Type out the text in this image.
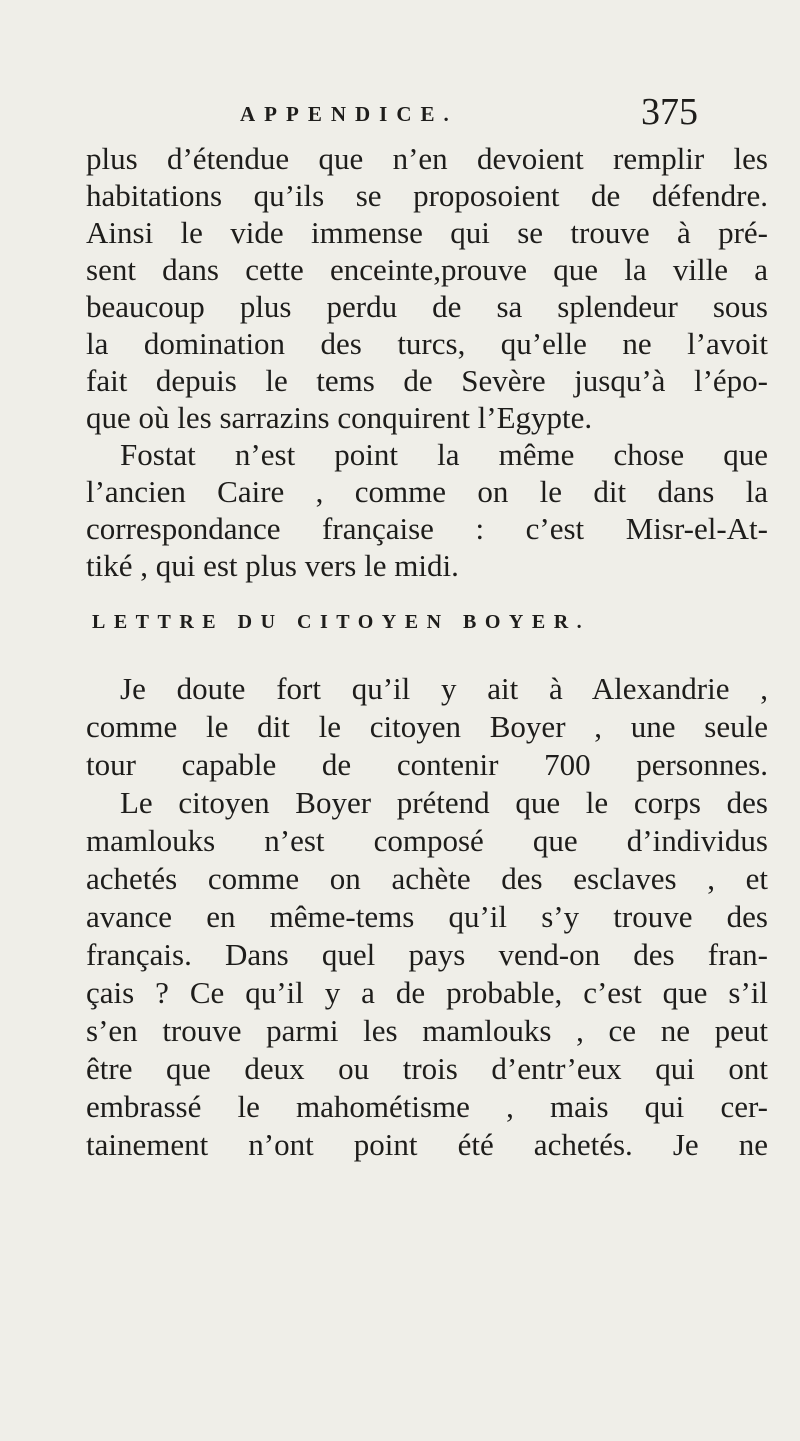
APPENDICE.	375
plus d’étendue que n’en devoient remplir les
habitations qu’ils se proposoient de défendre.
Ainsi le vide immense qui se trouve à pré-
sent dans cette enceinte,prouve que la ville a
beaucoup plus perdu de sa splendeur sous
la domination des turcs, qu’elle ne l’avoit
fait depuis le tems de Sevère jusqu’à l’épo-
que où les sarrazins conquirent l’Egypte.
Fostat n’est point la même chose que
l’ancien Caire , comme on le dit dans la
correspondance française : c’est Misr-el-At-
tiké , qui est plus vers le midi.
LETTRE DU CITOYEN BOYER.
Je doute fort qu’il y ait à Alexandrie ,
comme le dit le citoyen Boyer , une seule
tour capable de contenir 700 personnes.
Le citoyen Boyer prétend que le corps des
mamlouks n’est composé que d’individus
achetés comme on achète des esclaves , et
avance en même-tems qu’il s’y trouve des
français. Dans quel pays vend-on des fran-
çais ? Ce qu’il y a de probable, c’est que s’il
s’en trouve parmi les mamlouks , ce ne peut
être que deux ou trois d’entr’eux qui ont
embrassé le mahométisme , mais qui cer-
tainement n’ont point été achetés. Je ne
